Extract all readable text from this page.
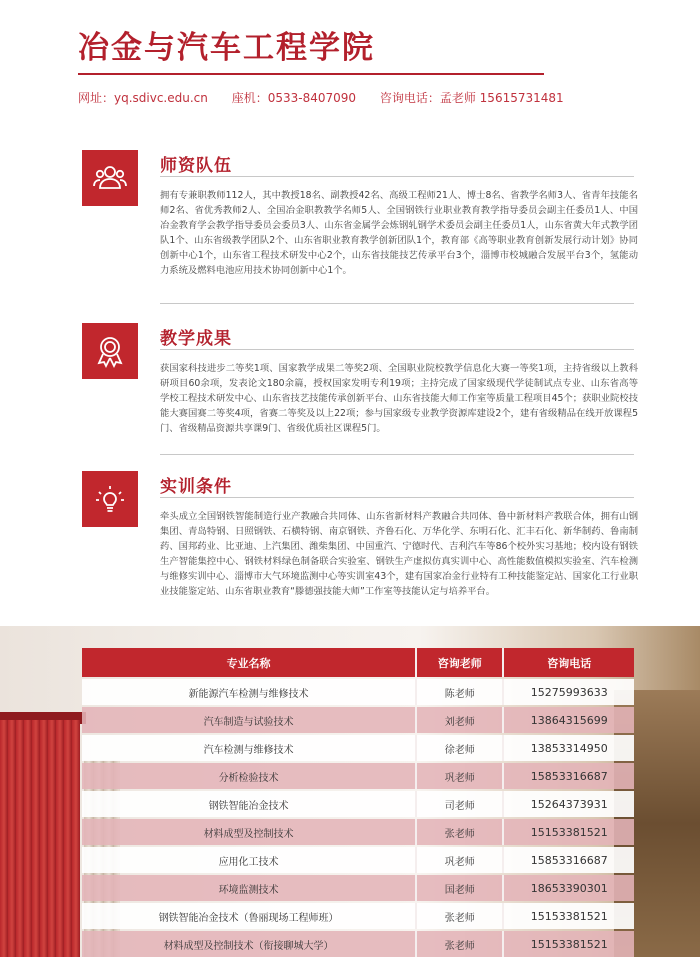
冶金与汽车工程学院
网址：yq.sdivc.edu.cn 座机：0533-8407090 咨询电话：孟老师 15615731481
师资队伍
拥有专兼职教师112人，其中教授18名、副教授42名、高级工程师21人、博士8名、省教学名师3人、省青年技能名师2名、省优秀教师2人、全国冶金职教教学名师5人、全国钢铁行业职业教育教学指导委员会副主任委员1人、中国冶金教育学会教学指导委员会委员3人、山东省金属学会炼钢轧钢学术委员会副主任委员1人，山东省黄大年式教学团队1个、山东省级教学团队2个、山东省职业教育教学创新团队1个，教育部《高等职业教育创新发展行动计划》协同创新中心1个，山东省工程技术研发中心2个，山东省技能技艺传承平台3个，淄博市校城融合发展平台3个，氢能动力系统及燃料电池应用技术协同创新中心1个。
教学成果
获国家科技进步二等奖1项、国家教学成果二等奖2项、全国职业院校教学信息化大赛一等奖1项，主持省级以上教科研项目60余项，发表论文180余篇，授权国家发明专利19项；主持完成了国家级现代学徒制试点专业、山东省高等学校工程技术研发中心、山东省技艺技能传承创新平台、山东省技能大师工作室等质量工程项目45个；获职业院校技能大赛国赛二等奖4项，省赛二等奖及以上22项；参与国家级专业教学资源库建设2个，建有省级精品在线开放课程5门、省级精品资源共享课9门、省级优质社区课程5门。
实训条件
牵头成立全国钢铁智能制造行业产教融合共同体、山东省新材料产教融合共同体、鲁中新材料产教联合体，拥有山钢集团、青岛特钢、日照钢铁、石横特钢、南京钢铁、齐鲁石化、万华化学、东明石化、汇丰石化、新华制药、鲁南制药、国邦药业、比亚迪、上汽集团、潍柴集团、中国重汽、宁德时代、吉利汽车等86个校外实习基地；校内设有钢铁生产智能集控中心、钢铁材料绿色制备联合实验室、钢铁生产虚拟仿真实训中心、高性能数值模拟实验室、汽车检测与维修实训中心、淄博市大气环境监测中心等实训室43个，建有国家冶金行业特有工种技能鉴定站、国家化工行业职业技能鉴定站、山东省职业教育“滕德强技能大师”工作室等技能认定与培养平台。
专业名称	咨询老师	咨询电话
新能源汽车检测与维修技术	陈老师	15275993633
汽车制造与试验技术	刘老师	13864315699
汽车检测与维修技术	徐老师	13853314950
分析检验技术	巩老师	15853316687
钢铁智能冶金技术	司老师	15264373931
材料成型及控制技术	张老师	15153381521
应用化工技术	巩老师	15853316687
环境监测技术	国老师	18653390301
钢铁智能冶金技术（鲁丽现场工程师班）	张老师	15153381521
材料成型及控制技术（衔接聊城大学）	张老师	15153381521
